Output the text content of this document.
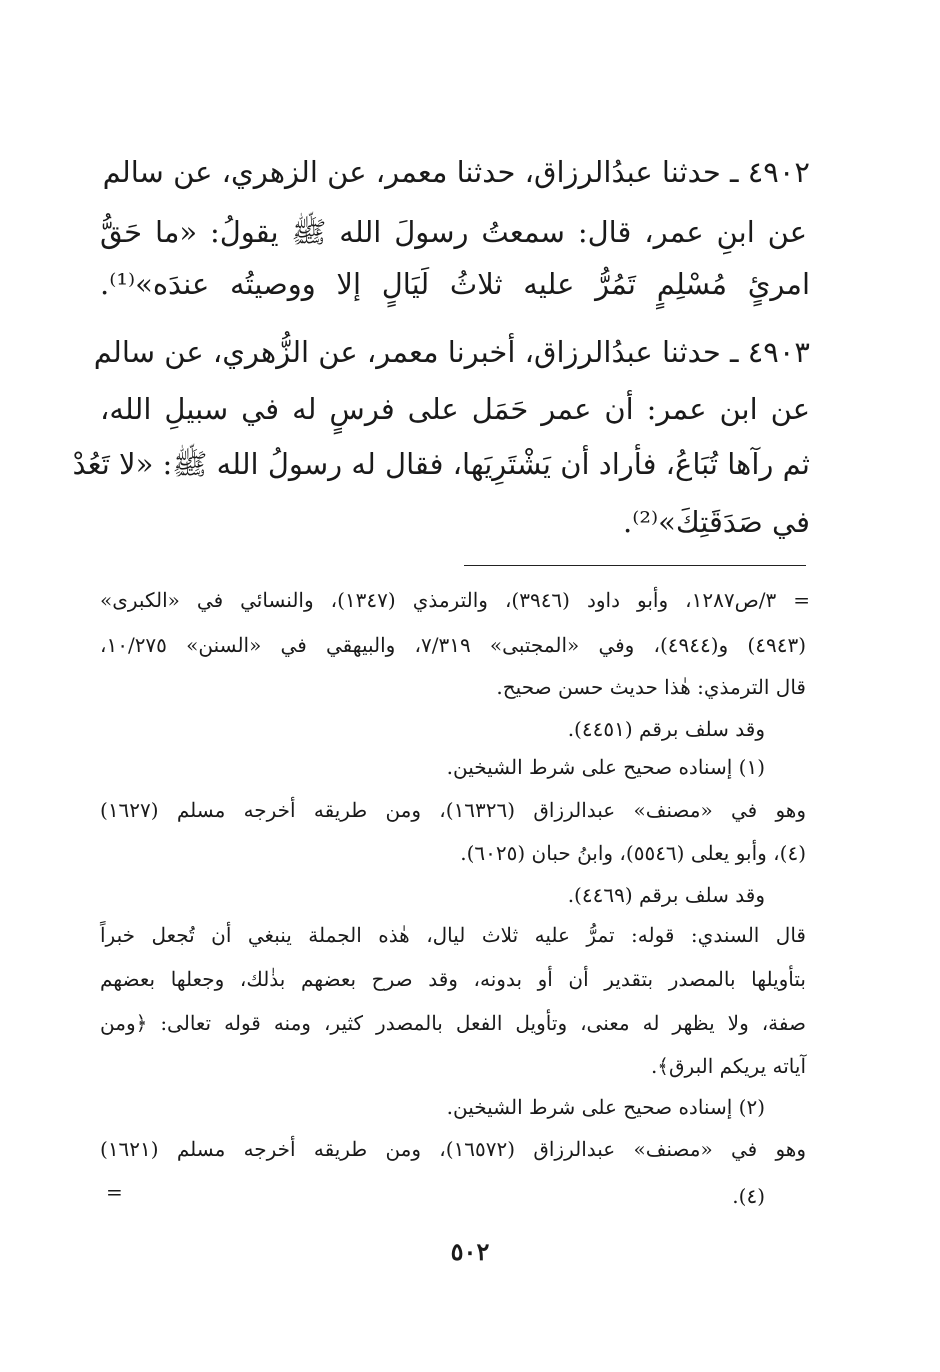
٤٩٠٢ ـ حدثنا عبدُالرزاق، حدثنا معمر، عن الزهري، عن سالم
عن ابنِ عمر، قال: سمعتُ رسولَ الله ﷺ يقولُ: «ما حَقُّ
امرئٍ مُسْلِمٍ تَمُرُّ عليه ثلاثُ لَيَالٍ إلا ووصيتُه عندَه»⁽¹⁾.
٤٩٠٣ ـ حدثنا عبدُالرزاق، أخبرنا معمر، عن الزُّهري، عن سالم
عن ابن عمر: أن عمر حَمَل على فرسٍ له في سبيلِ الله،
ثم رآها تُبَاعُ، فأراد أن يَشْتَرِيَها، فقال له رسولُ الله ﷺ: «لا تَعُدْ
في صَدَقَتِكَ»⁽²⁾.
= ٣/ص١٢٨٧، وأبو داود (٣٩٤٦)، والترمذي (١٣٤٧)، والنسائي في «الكبرى»
(٤٩٤٣) و(٤٩٤٤)، وفي «المجتبى» ٧/٣١٩، والبيهقي في «السنن» ١٠/٢٧٥،
قال الترمذي: هٰذا حديث حسن صحيح.
وقد سلف برقم (٤٤٥١).
(١) إسناده صحيح على شرط الشيخين.
وهو في «مصنف» عبدالرزاق (١٦٣٢٦)، ومن طريقه أخرجه مسلم (١٦٢٧)
(٤)، وأبو يعلى (٥٥٤٦)، وابنُ حبان (٦٠٢٥).
وقد سلف برقم (٤٤٦٩).
قال السندي: قوله: تمرُّ عليه ثلاث ليال، هٰذه الجملة ينبغي أن تُجعل خبراً
بتأويلها بالمصدر بتقدير أن أو بدونه، وقد صرح بعضهم بذٰلك، وجعلها بعضهم
صفة، ولا يظهر له معنى، وتأويل الفعل بالمصدر كثير، ومنه قوله تعالى: ﴿ومن
آياته يريكم البرق﴾.
(٢) إسناده صحيح على شرط الشيخين.
وهو في «مصنف» عبدالرزاق (١٦٥٧٢)، ومن طريقه أخرجه مسلم (١٦٢١)
(٤).
=
٥٠٢
